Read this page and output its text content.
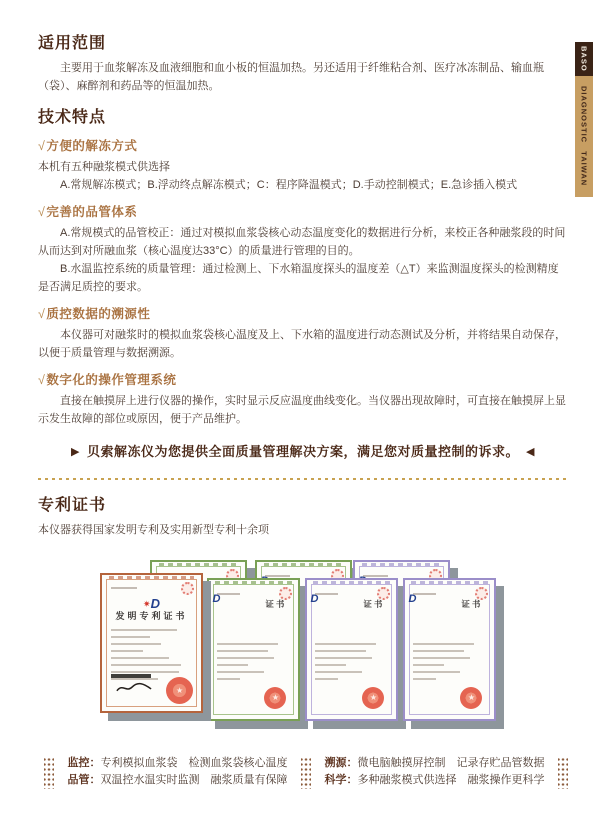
BASO
DIAGNOSTIC TAIWAN
适用范围

主要用于血浆解冻及血液细胞和血小板的恒温加热。另还适用于纤维粘合剂、医疗冰冻制品、输血瓶（袋）、麻醉剂和药品等的恒温加热。

技术特点
√方便的解冻方式

本机有五种融浆模式供选择

A.常规解冻模式；B.浮动终点解冻模式；C：程序降温模式；D.手动控制模式；E.急诊插入模式

√完善的品管体系

A.常规模式的品管校正：通过对模拟血浆袋核心动态温度变化的数据进行分析，来校正各种融浆段的时间从而达到对所融血浆（核心温度达33°C）的质量进行管理的目的。

B.水温监控系统的质量管理：通过检测上、下水箱温度探头的温度差（△T）来监测温度探头的检测精度是否满足质控的要求。

√质控数据的溯源性

本仪器可对融浆时的模拟血浆袋核心温度及上、下水箱的温度进行动态测试及分析，并将结果自动保存，以便于质量管理与数据溯源。

√数字化的操作管理系统

直接在触摸屏上进行仪器的操作，实时显示反应温度曲线变化。当仪器出现故障时，可直接在触摸屏上显示发生故障的部位或原因，便于产品维护。

▶ 贝索解冻仪为您提供全面质量管理解决方案，满足您对质量控制的诉求。 ◀
专利证书

本仪器获得国家发明专利及实用新型专利十余项

D	证书
★
D	证书
★
D	证书
★
✷D
发明专利证书
★
监控：专利模拟血浆袋　检测血浆袋核心温度
品管：双温控水温实时监测　融浆质量有保障
溯源：微电脑触摸屏控制　记录存贮品管数据
科学：多种融浆模式供选择　融浆操作更科学
